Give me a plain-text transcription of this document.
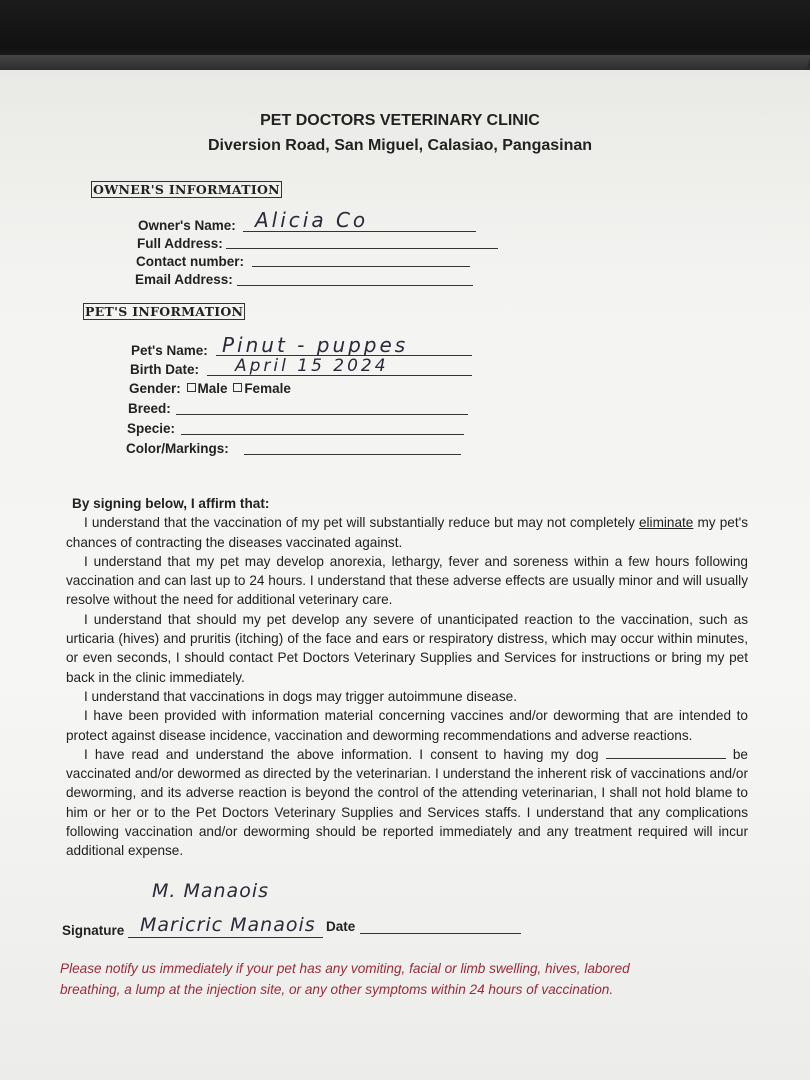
PET DOCTORS VETERINARY CLINIC
Diversion Road, San Miguel, Calasiao, Pangasinan
OWNER'S INFORMATION
Owner's Name: Alicia Co
Full Address:
Contact number:
Email Address:
PET'S INFORMATION
Pet's Name: Pinut - puppes
Birth Date: April 15 2024
Gender: Male Female
Breed:
Specie:
Color/Markings:

By signing below, I affirm that:

I understand that the vaccination of my pet will substantially reduce but may not completely eliminate my pet's chances of contracting the diseases vaccinated against.

I understand that my pet may develop anorexia, lethargy, fever and soreness within a few hours following vaccination and can last up to 24 hours. I understand that these adverse effects are usually minor and will usually resolve without the need for additional veterinary care.

I understand that should my pet develop any severe of unanticipated reaction to the vaccination, such as urticaria (hives) and pruritis (itching) of the face and ears or respiratory distress, which may occur within minutes, or even seconds, I should contact Pet Doctors Veterinary Supplies and Services for instructions or bring my pet back in the clinic immediately.

I understand that vaccinations in dogs may trigger autoimmune disease.

I have been provided with information material concerning vaccines and/or deworming that are intended to protect against disease incidence, vaccination and deworming recommendations and adverse reactions.

I have read and understand the above information. I consent to having my dog	be vaccinated and/or dewormed as directed by the veterinarian. I understand the inherent risk of vaccinations and/or deworming, and its adverse reaction is beyond the control of the attending veterinarian, I shall not hold blame to him or her or to the Pet Doctors Veterinary Supplies and Services staffs. I understand that any complications following vaccination and/or deworming should be reported immediately and any treatment required will incur additional expense.

M. Manaois
Signature Maricric Manaois Date

Please notify us immediately if your pet has any vomiting, facial or limb swelling, hives, labored

breathing, a lump at the injection site, or any other symptoms within 24 hours of vaccination.
